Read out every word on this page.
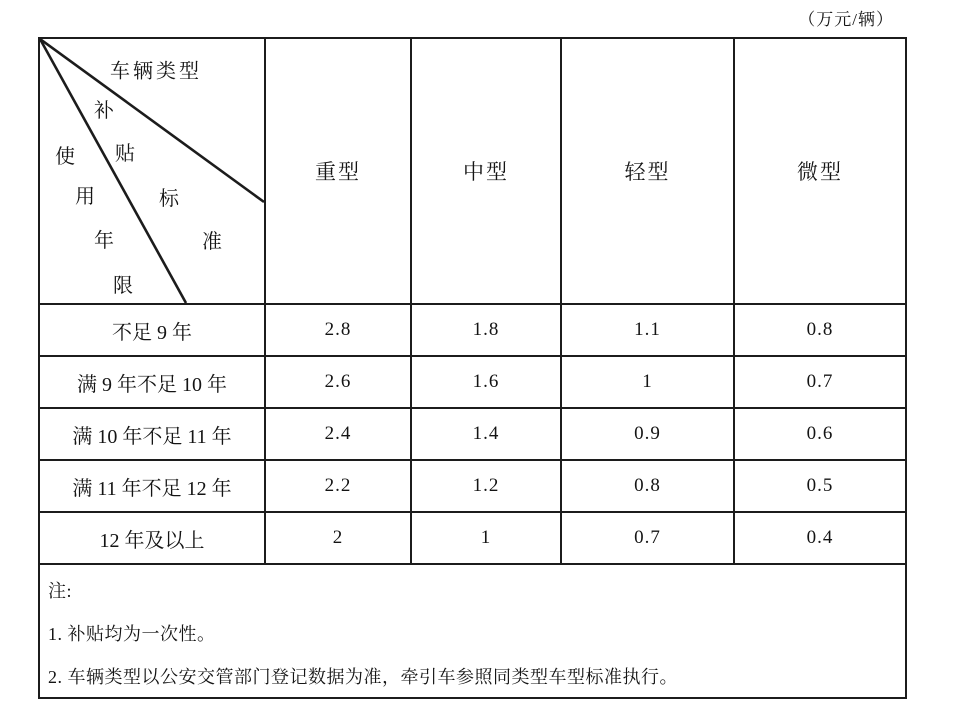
（万元/辆）
车辆类型
补
贴
标
准
使
用
年
限
重型	中型	轻型	微型
不足 9 年	2.8	1.8	1.1	0.8
满 9 年不足 10 年	2.6	1.6	1	0.7
满 10 年不足 11 年	2.4	1.4	0.9	0.6
满 11 年不足 12 年	2.2	1.2	0.8	0.5
12 年及以上	2	1	0.7	0.4
注:
1. 补贴均为一次性。
2. 车辆类型以公安交管部门登记数据为准，牵引车参照同类型车型标准执行。
